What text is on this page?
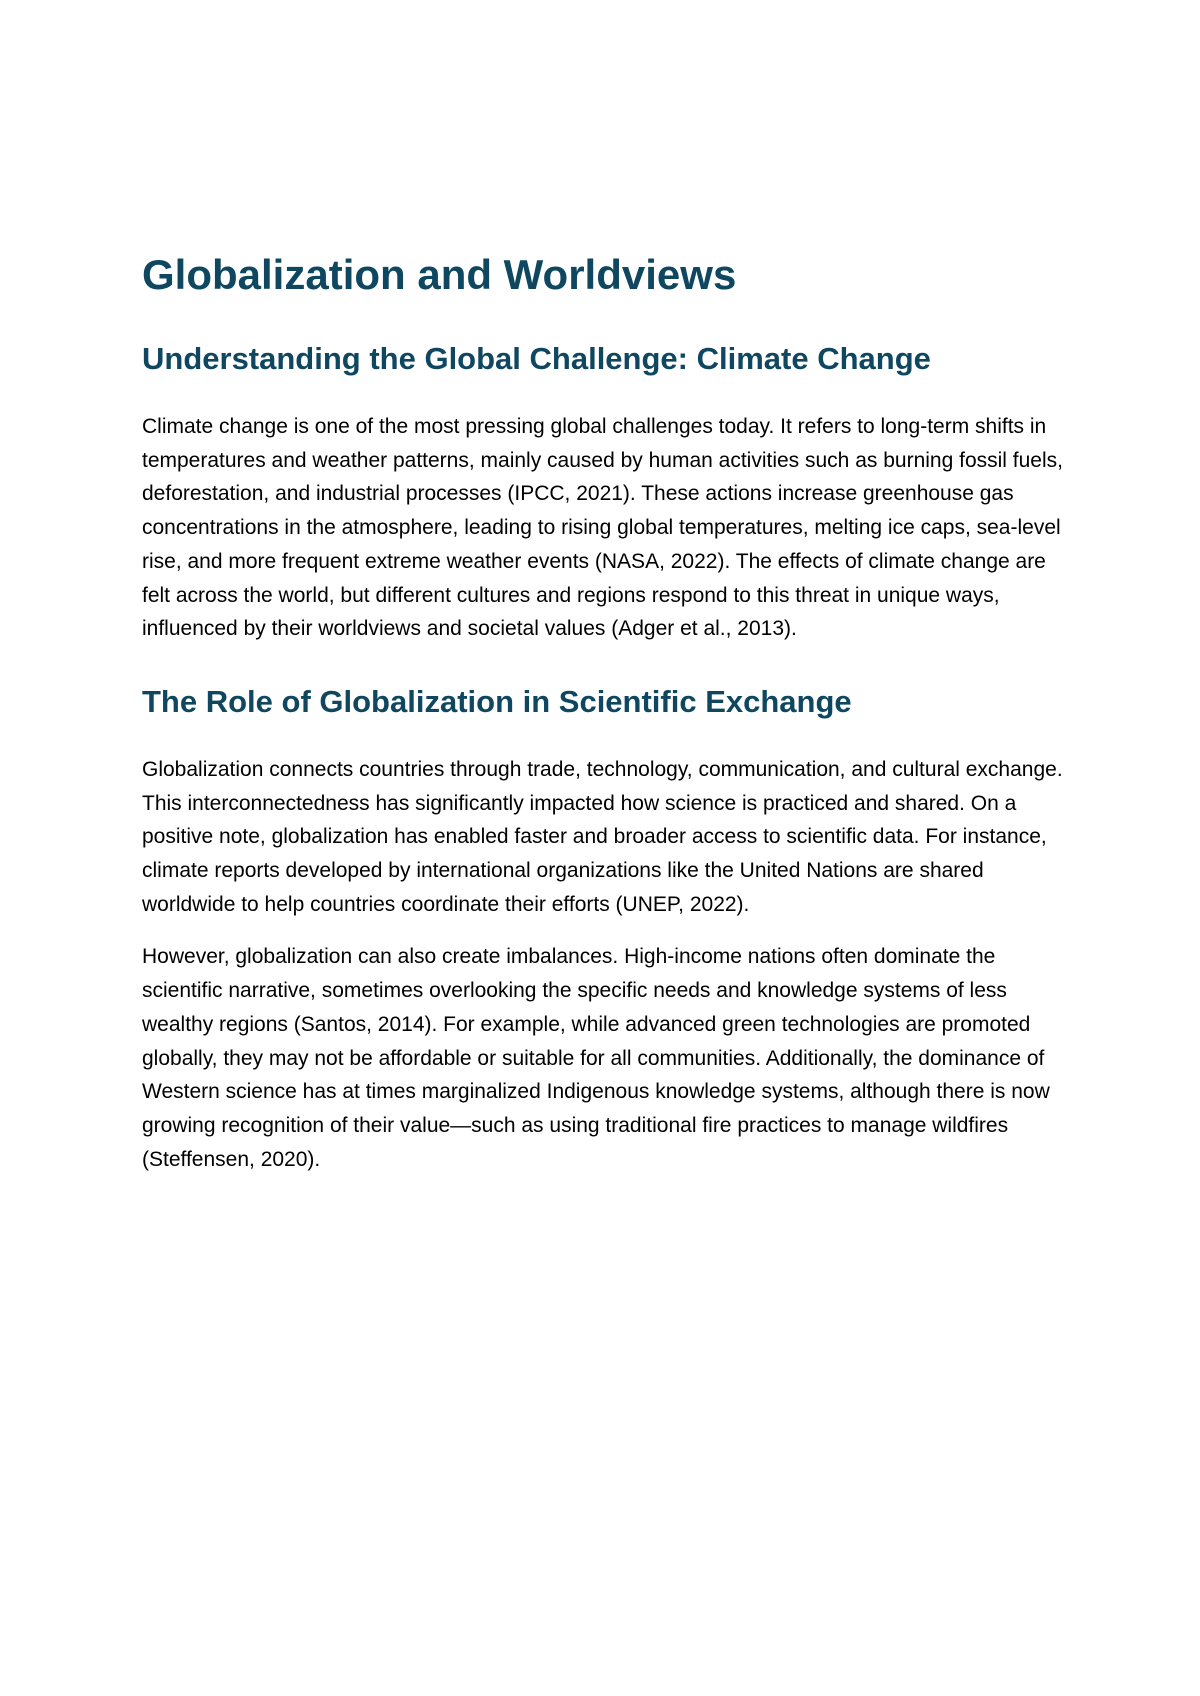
Globalization and Worldviews
Understanding the Global Challenge: Climate Change

Climate change is one of the most pressing global challenges today. It refers to long-term shifts in temperatures and weather patterns, mainly caused by human activities such as burning fossil fuels, deforestation, and industrial processes (IPCC, 2021). These actions increase greenhouse gas concentrations in the atmosphere, leading to rising global temperatures, melting ice caps, sea-level rise, and more frequent extreme weather events (NASA, 2022). The effects of climate change are felt across the world, but different cultures and regions respond to this threat in unique ways, influenced by their worldviews and societal values (Adger et al., 2013).

The Role of Globalization in Scientific Exchange

Globalization connects countries through trade, technology, communication, and cultural exchange. This interconnectedness has significantly impacted how science is practiced and shared. On a positive note, globalization has enabled faster and broader access to scientific data. For instance, climate reports developed by international organizations like the United Nations are shared worldwide to help countries coordinate their efforts (UNEP, 2022).

However, globalization can also create imbalances. High-income nations often dominate the scientific narrative, sometimes overlooking the specific needs and knowledge systems of less wealthy regions (Santos, 2014). For example, while advanced green technologies are promoted globally, they may not be affordable or suitable for all communities. Additionally, the dominance of Western science has at times marginalized Indigenous knowledge systems, although there is now growing recognition of their value—such as using traditional fire practices to manage wildfires (Steffensen, 2020).
